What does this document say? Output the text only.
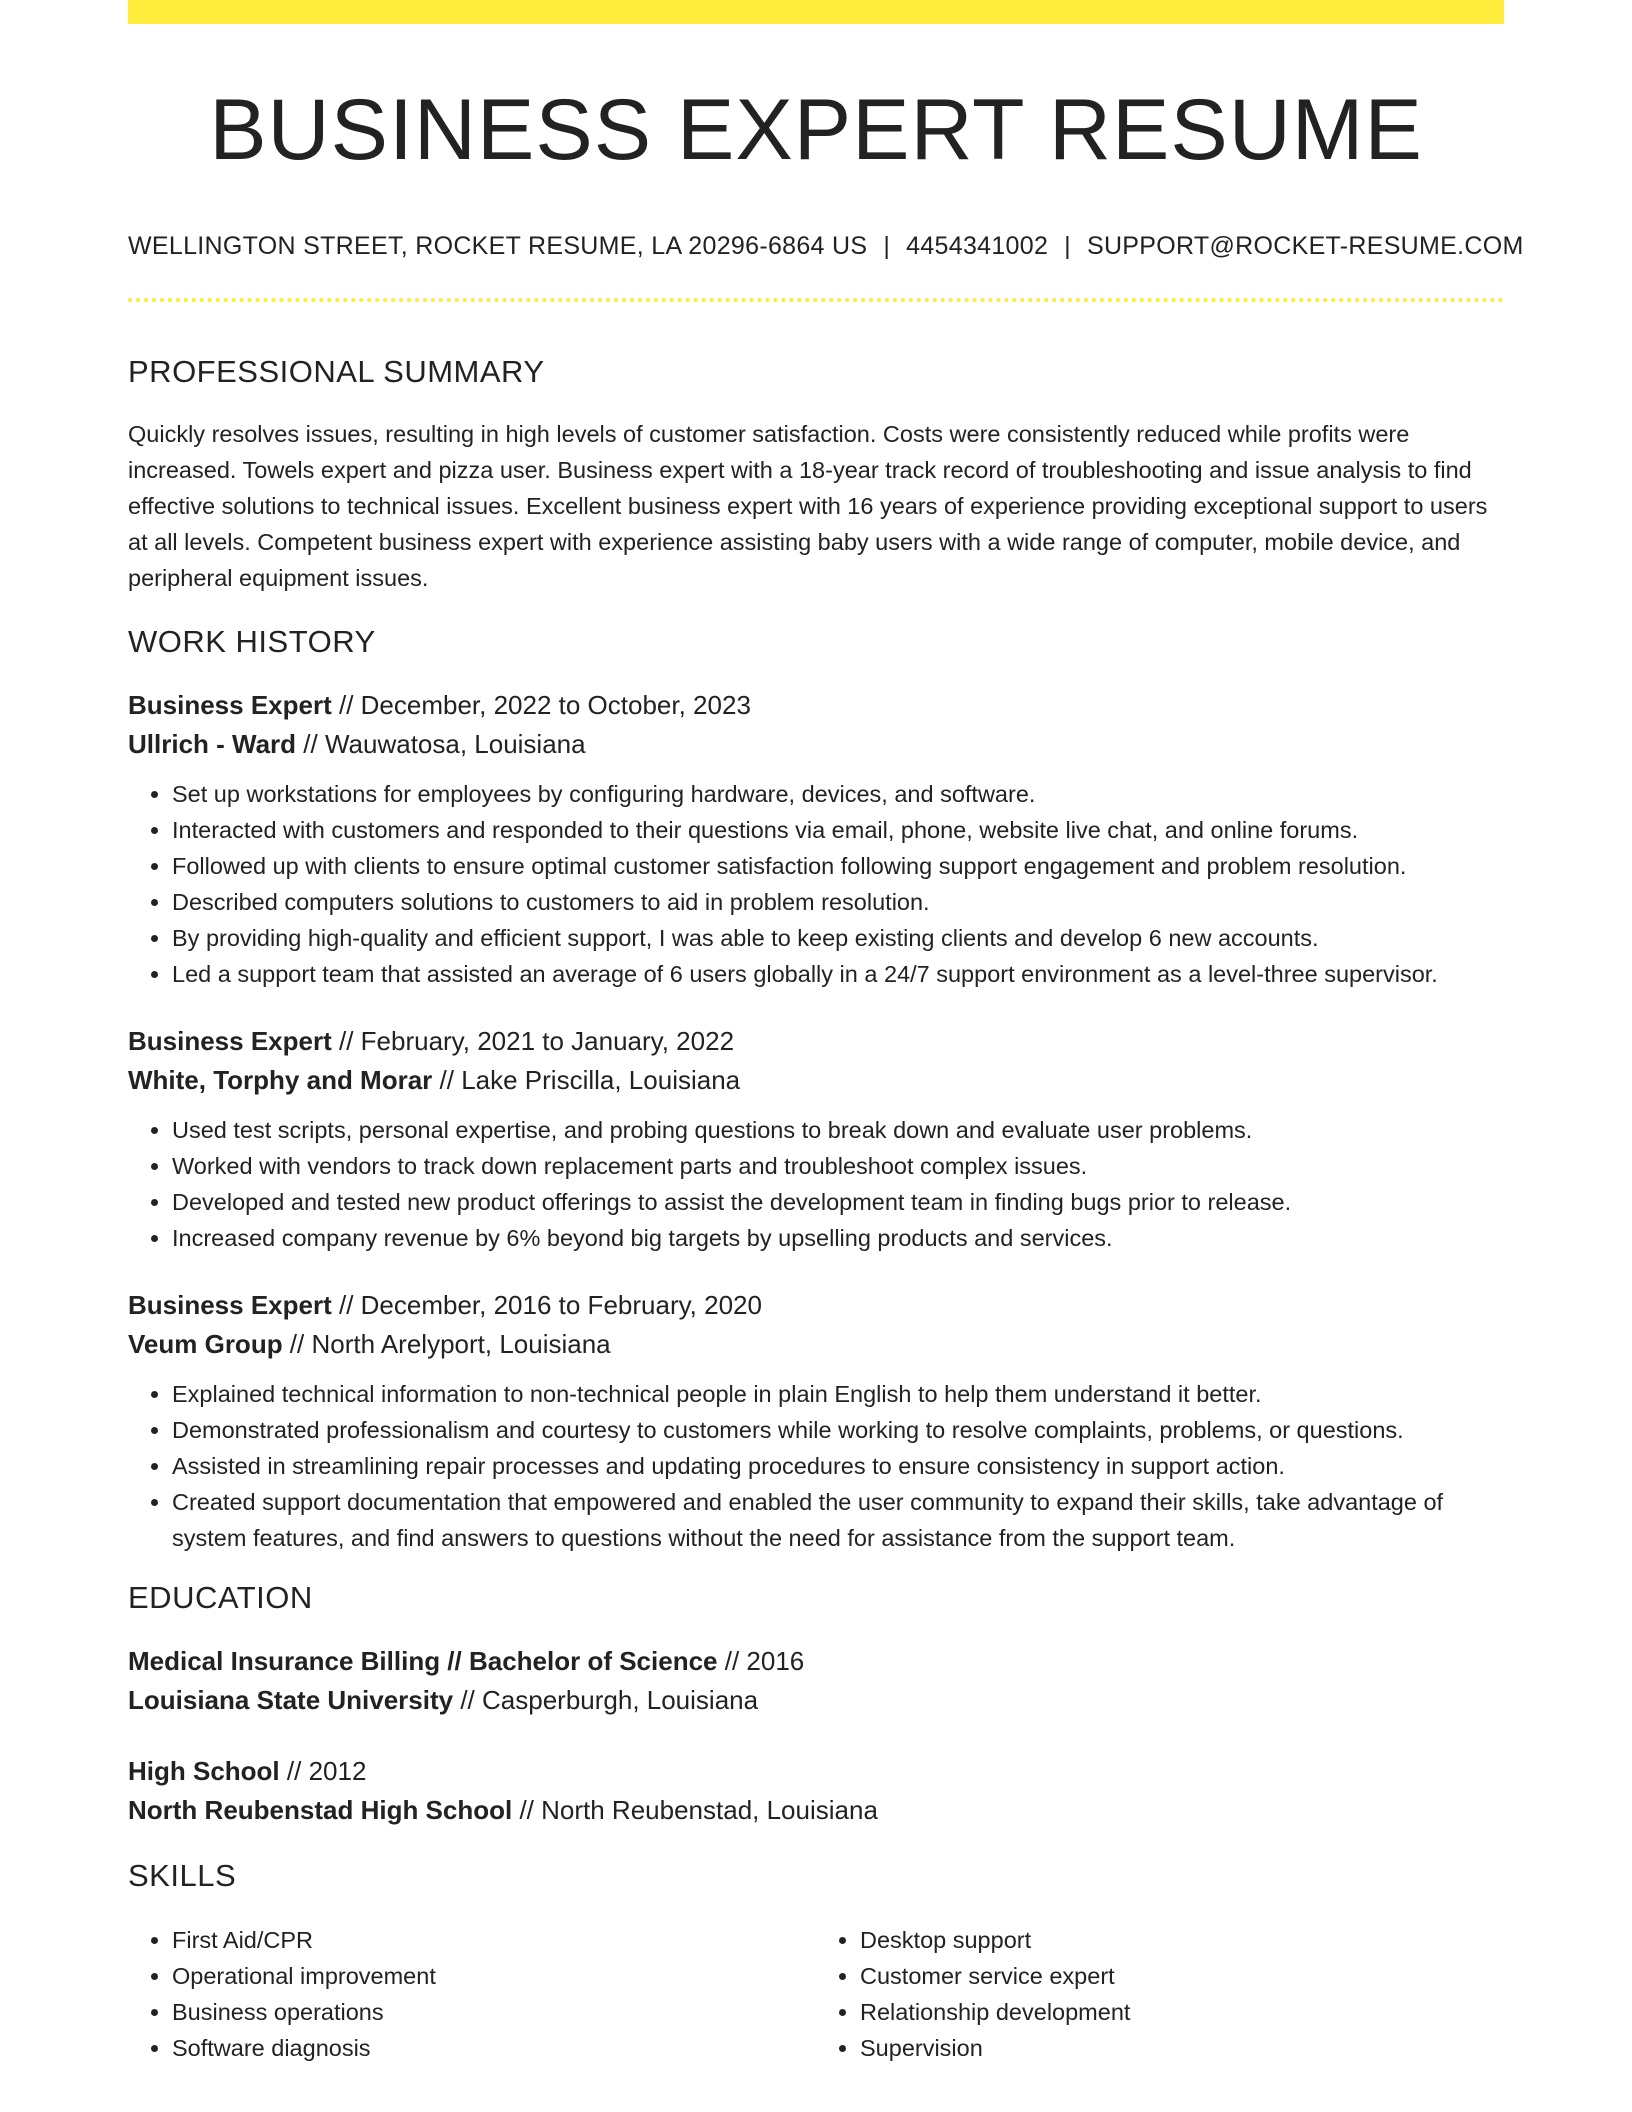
BUSINESS EXPERT RESUME
WELLINGTON STREET, ROCKET RESUME, LA 20296-6864 US | 4454341002 | SUPPORT@ROCKET-RESUME.COM
PROFESSIONAL SUMMARY

Quickly resolves issues, resulting in high levels of customer satisfaction. Costs were consistently reduced while profits were increased. Towels expert and pizza user. Business expert with a 18-year track record of troubleshooting and issue analysis to find effective solutions to technical issues. Excellent business expert with 16 years of experience providing exceptional support to users at all levels. Competent business expert with experience assisting baby users with a wide range of computer, mobile device, and peripheral equipment issues.

WORK HISTORY
Business Expert // December, 2022 to October, 2023
Ullrich - Ward // Wauwatosa, Louisiana
• Set up workstations for employees by configuring hardware, devices, and software.
• Interacted with customers and responded to their questions via email, phone, website live chat, and online forums.
• Followed up with clients to ensure optimal customer satisfaction following support engagement and problem resolution.
• Described computers solutions to customers to aid in problem resolution.
• By providing high-quality and efficient support, I was able to keep existing clients and develop 6 new accounts.
• Led a support team that assisted an average of 6 users globally in a 24/7 support environment as a level-three supervisor.
Business Expert // February, 2021 to January, 2022
White, Torphy and Morar // Lake Priscilla, Louisiana
• Used test scripts, personal expertise, and probing questions to break down and evaluate user problems.
• Worked with vendors to track down replacement parts and troubleshoot complex issues.
• Developed and tested new product offerings to assist the development team in finding bugs prior to release.
• Increased company revenue by 6% beyond big targets by upselling products and services.
Business Expert // December, 2016 to February, 2020
Veum Group // North Arelyport, Louisiana
• Explained technical information to non-technical people in plain English to help them understand it better.
• Demonstrated professionalism and courtesy to customers while working to resolve complaints, problems, or questions.
• Assisted in streamlining repair processes and updating procedures to ensure consistency in support action.
• Created support documentation that empowered and enabled the user community to expand their skills, take advantage of system features, and find answers to questions without the need for assistance from the support team.
EDUCATION
Medical Insurance Billing // Bachelor of Science // 2016
Louisiana State University // Casperburgh, Louisiana
High School // 2012
North Reubenstad High School // North Reubenstad, Louisiana
SKILLS
• First Aid/CPR
• Operational improvement
• Business operations
• Software diagnosis
• Desktop support
• Customer service expert
• Relationship development
• Supervision
